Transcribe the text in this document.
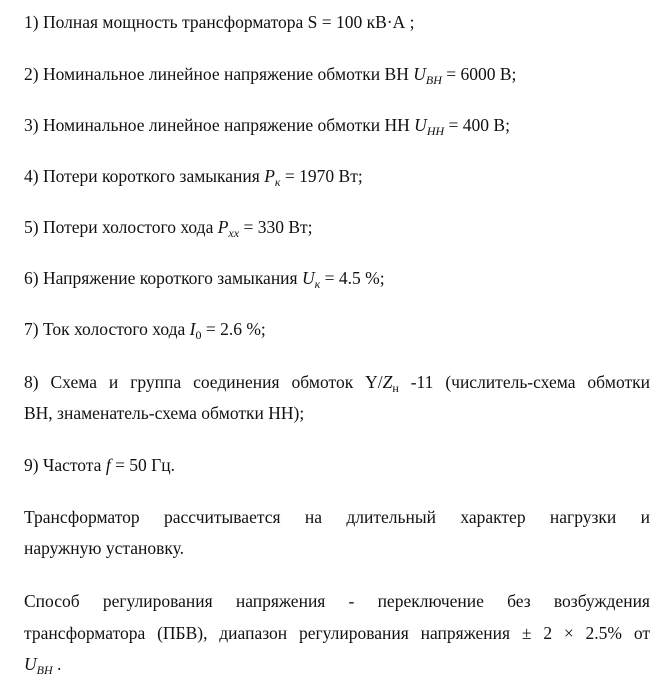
1) Полная мощность трансформатора S = 100 кВ·А ;
2) Номинальное линейное напряжение обмотки ВН $U_{ВН} = 6000$ В;
3) Номинальное линейное напряжение обмотки НН $U_{НН} = 400$ В;
4) Потери короткого замыкания $P_к = 1970$ Вт;
5) Потери холостого хода $P_{хх} = 330$ Вт;
6) Напряжение короткого замыкания $U_к = 4.5$ %;
7) Ток холостого хода $I_0 = 2.6$ %;
8) Схема и группа соединения обмоток $Y/Z_н$ -11 (числитель-схема обмотки
ВН, знаменатель-схема обмотки НН);
9) Частота f = 50 Гц.
Трансформатор рассчитывается на длительный характер нагрузки и
наружную установку.
Способ регулирования напряжения - переключение без возбуждения
трансформатора (ПБВ), диапазон регулирования напряжения ± 2 × 2.5% от
$U_{ВН}$ .
